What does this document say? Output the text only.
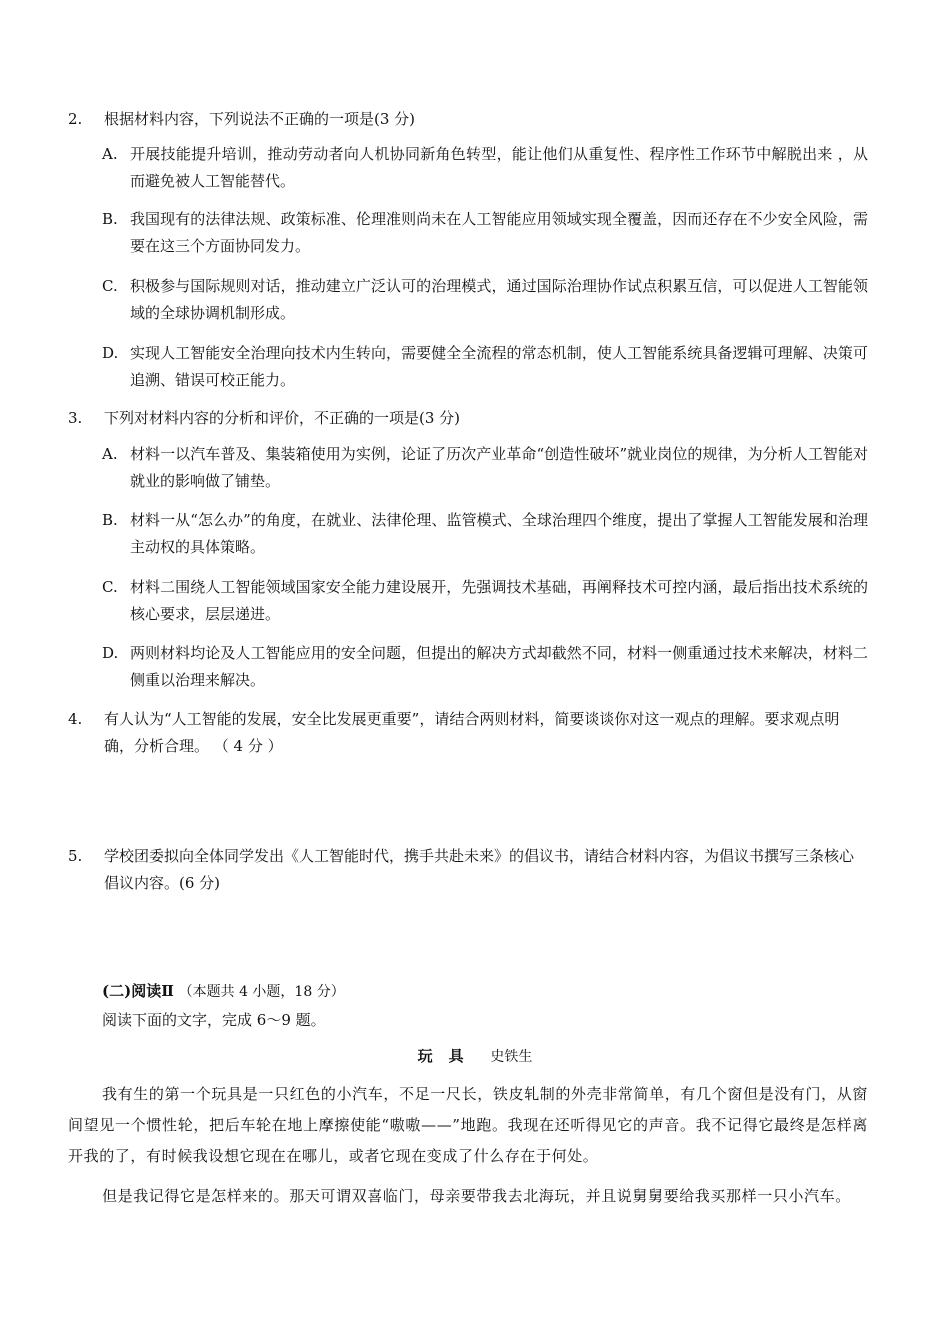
2.	根据材料内容，下列说法不正确的一项是(3 分)
A. 开展技能提升培训，推动劳动者向人机协同新角色转型，能让他们从重复性、程序性工作环节中解脱出来 ，从而避免被人工智能替代。
B. 我国现有的法律法规、政策标准、伦理准则尚未在人工智能应用领域实现全覆盖，因而还存在不少安全风险，需要在这三个方面协同发力。
C. 积极参与国际规则对话，推动建立广泛认可的治理模式，通过国际治理协作试点积累互信，可以促进人工智能领域的全球协调机制形成。
D. 实现人工智能安全治理向技术内生转向，需要健全全流程的常态机制，使人工智能系统具备逻辑可理解、决策可追溯、错误可校正能力。
3.	下列对材料内容的分析和评价，不正确的一项是(3 分)
A. 材料一以汽车普及、集装箱使用为实例，论证了历次产业革命“创造性破坏”就业岗位的规律，为分析人工智能对就业的影响做了铺垫。
B. 材料一从“怎么办”的角度，在就业、法律伦理、监管模式、全球治理四个维度，提出了掌握人工智能发展和治理主动权的具体策略。
C. 材料二围绕人工智能领域国家安全能力建设展开，先强调技术基础，再阐释技术可控内涵，最后指出技术系统的核心要求，层层递进。
D. 两则材料均论及人工智能应用的安全问题，但提出的解决方式却截然不同，材料一侧重通过技术来解决，材料二侧重以治理来解决。
4.	有人认为“人工智能的发展，安全比发展更重要”，请结合两则材料，简要谈谈你对这一观点的理解。要求观点明确，分析合理。 （ 4 分 ）
5.	学校团委拟向全体同学发出《人工智能时代，携手共赴未来》的倡议书，请结合材料内容，为倡议书撰写三条核心倡议内容。(6 分)
(二)阅读Ⅱ （本题共 4 小题，18 分）
阅读下面的文字，完成 6～9 题。
玩具 史铁生
我有生的第一个玩具是一只红色的小汽车，不足一尺长，铁皮轧制的外壳非常简单，有几个窗但是没有门，从窗间望见一个惯性轮，把后车轮在地上摩擦使能“嗷嗷——”地跑。我现在还听得见它的声音。我不记得它最终是怎样离开我的了，有时候我设想它现在在哪儿，或者它现在变成了什么存在于何处。
但是我记得它是怎样来的。那天可谓双喜临门，母亲要带我去北海玩，并且说舅舅要给我买那样一只小汽车。
